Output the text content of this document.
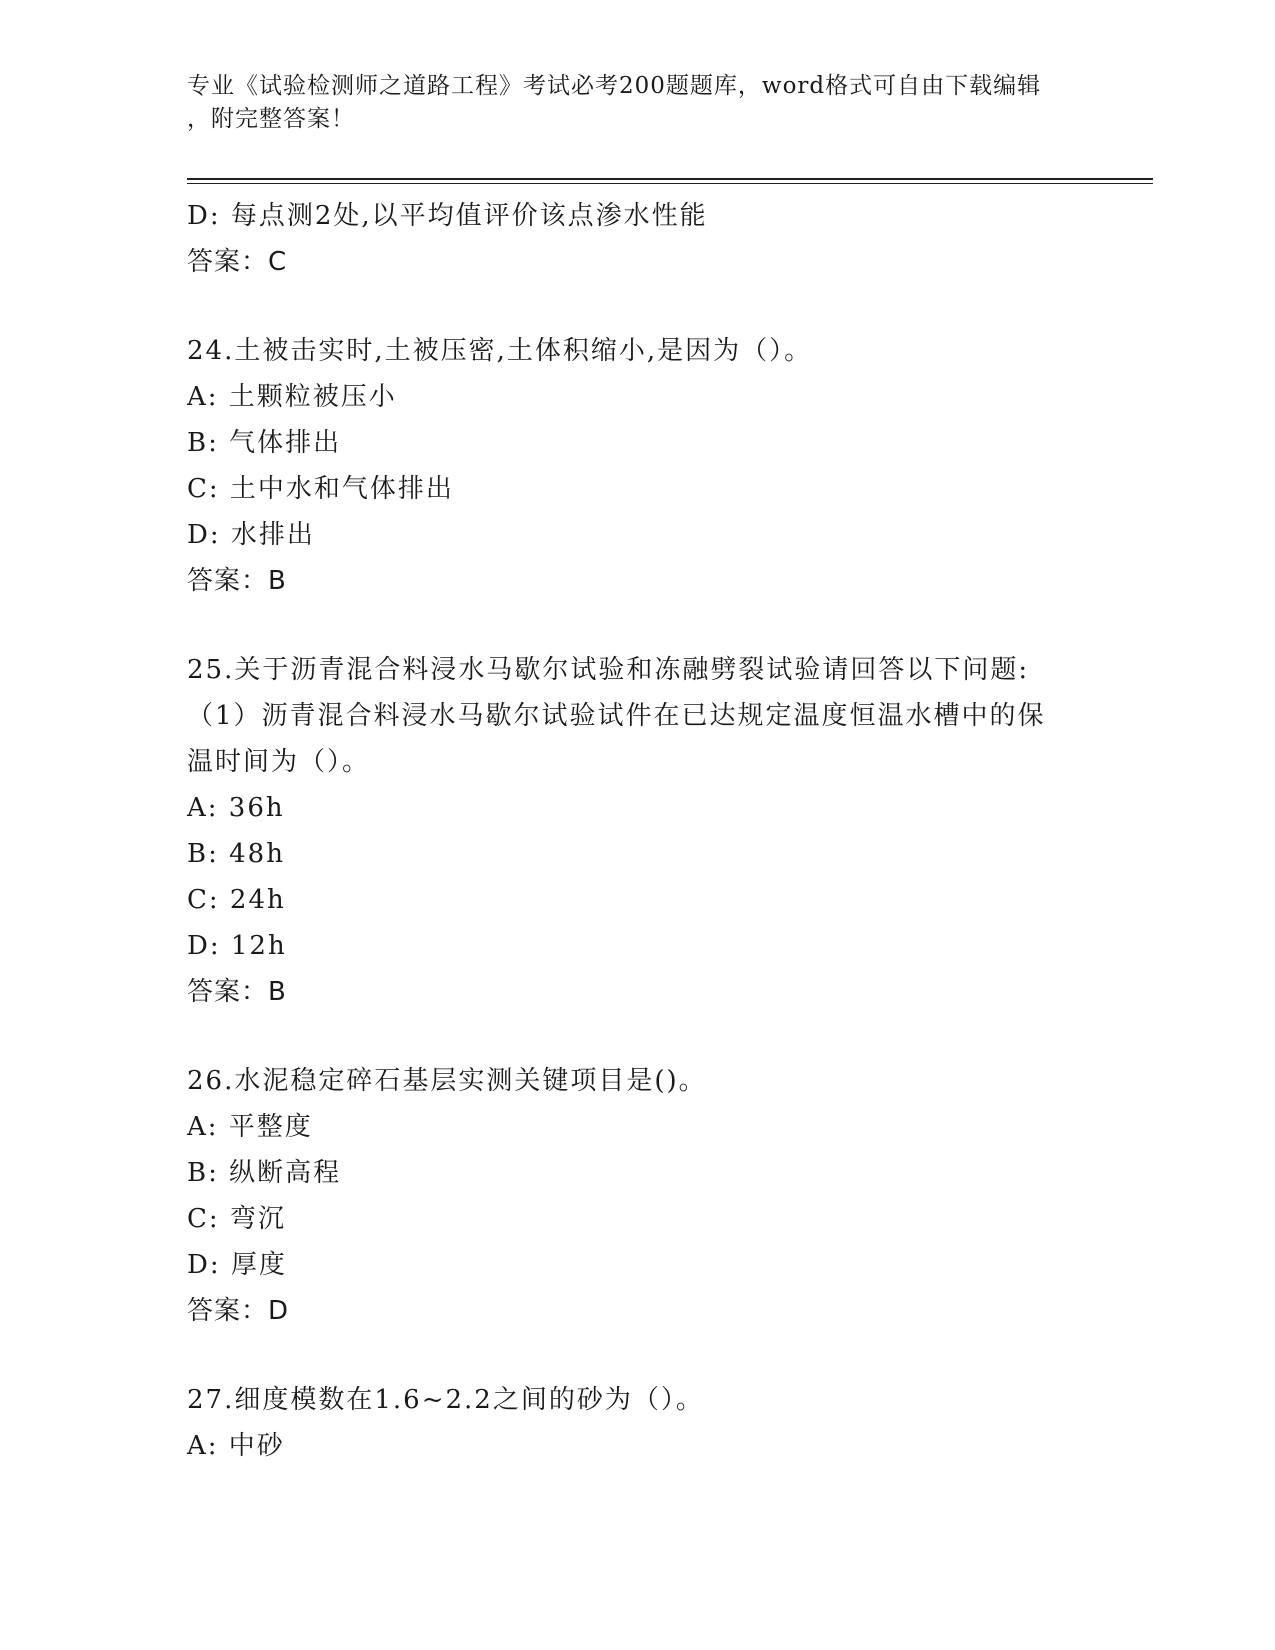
专业《试验检测师之道路工程》考试必考200题题库，word格式可自由下载编辑
，附完整答案！
D: 每点测2处,以平均值评价该点渗水性能
答案：C
24.土被击实时,土被压密,土体积缩小,是因为（）。
A: 土颗粒被压小
B: 气体排出
C: 土中水和气体排出
D: 水排出
答案：B
25.关于沥青混合料浸水马歇尔试验和冻融劈裂试验请回答以下问题:
（1）沥青混合料浸水马歇尔试验试件在已达规定温度恒温水槽中的保
温时间为（）。
A: 36h
B: 48h
C: 24h
D: 12h
答案：B
26.水泥稳定碎石基层实测关键项目是()。
A: 平整度
B: 纵断高程
C: 弯沉
D: 厚度
答案：D
27.细度模数在1.6~2.2之间的砂为（）。
A: 中砂
